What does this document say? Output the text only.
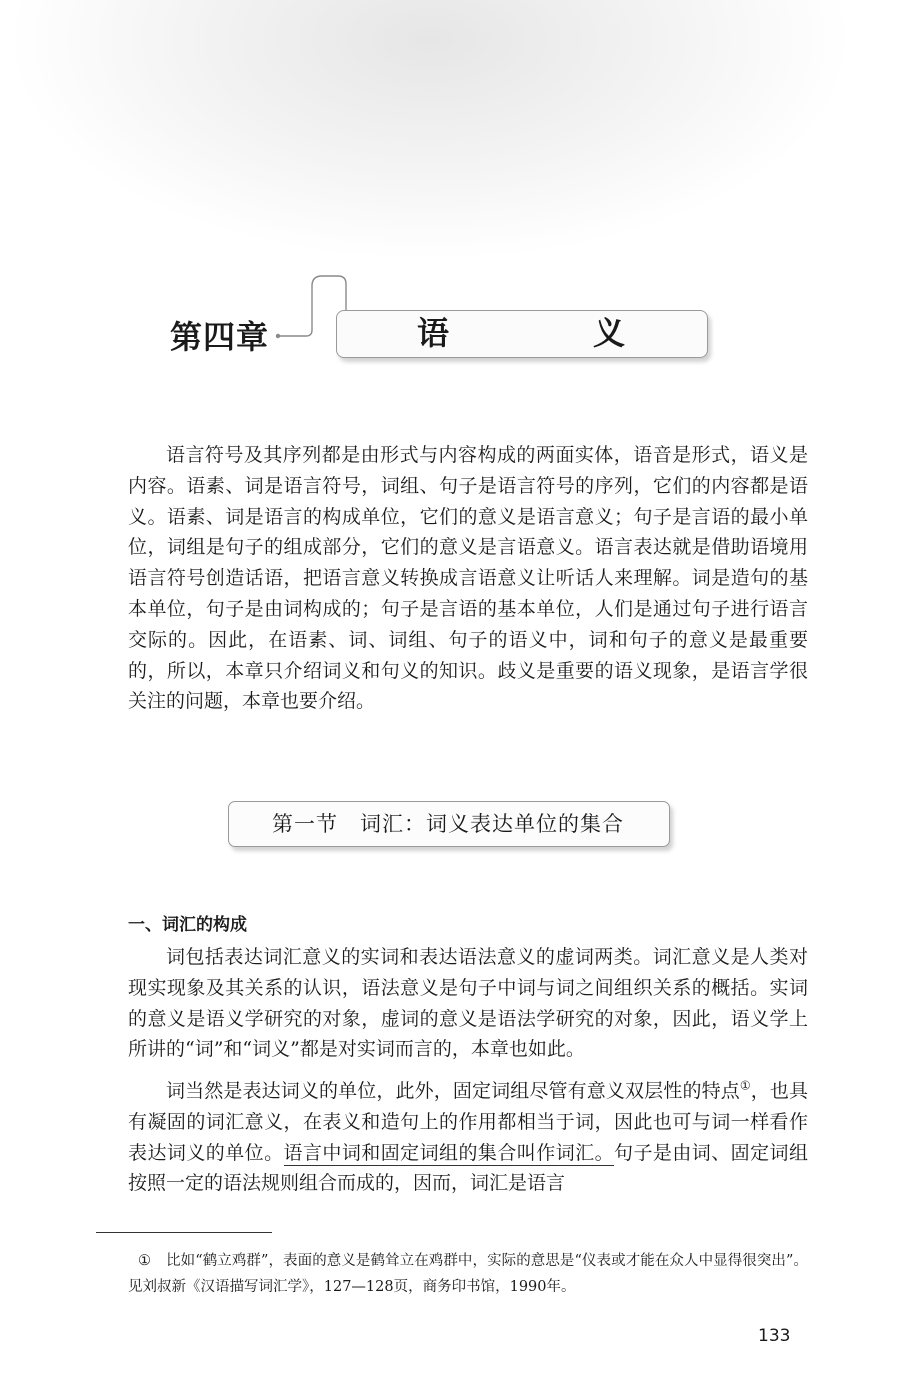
第四章	语　义

语言符号及其序列都是由形式与内容构成的两面实体，语音是形式，语义是内容。语素、词是语言符号，词组、句子是语言符号的序列，它们的内容都是语义。语素、词是语言的构成单位，它们的意义是语言意义；句子是言语的最小单位，词组是句子的组成部分，它们的意义是言语意义。语言表达就是借助语境用语言符号创造话语，把语言意义转换成言语意义让听话人来理解。词是造句的基本单位，句子是由词构成的；句子是言语的基本单位，人们是通过句子进行语言交际的。因此，在语素、词、词组、句子的语义中，词和句子的意义是最重要的，所以，本章只介绍词义和句义的知识。歧义是重要的语义现象，是语言学很关注的问题，本章也要介绍。

第一节 词汇：词义表达单位的集合
一、词汇的构成

词包括表达词汇意义的实词和表达语法意义的虚词两类。词汇意义是人类对现实现象及其关系的认识，语法意义是句子中词与词之间组织关系的概括。实词的意义是语义学研究的对象，虚词的意义是语法学研究的对象，因此，语义学上所讲的“词”和“词义”都是对实词而言的，本章也如此。

词当然是表达词义的单位，此外，固定词组尽管有意义双层性的特点①，也具有凝固的词汇意义，在表义和造句上的作用都相当于词，因此也可与词一样看作表达词义的单位。语言中词和固定词组的集合叫作词汇。句子是由词、固定词组按照一定的语法规则组合而成的，因而，词汇是语言

① 比如“鹤立鸡群”，表面的意义是鹤耸立在鸡群中，实际的意思是“仪表或才能在众人中显得很突出”。见刘叔新《汉语描写词汇学》，127—128页，商务印书馆，1990年。
133
